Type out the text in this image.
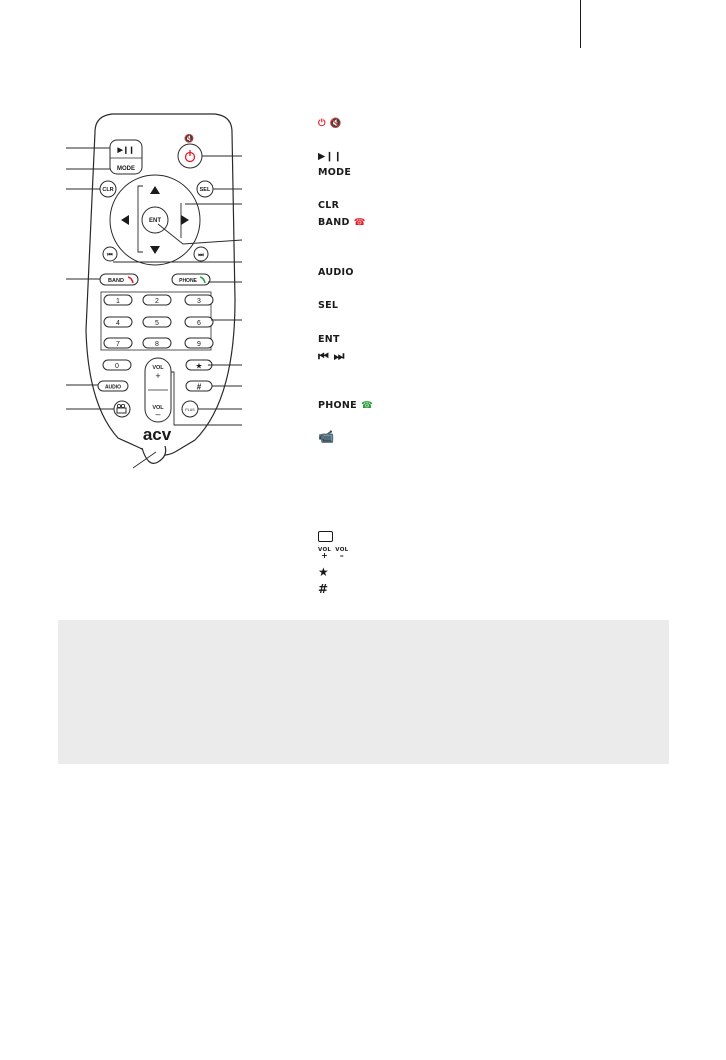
▶❙❙
MODE
🔇
CLR	SEL
ENT
⏮	⏭
BAND	PHONE
1	2	3
4	5	6
7	8	9
0	VOL
+
VOL
–
★
#
AUDIO
PLUS
acv
⏻ 🔇
▶❙❙
MODE
CLR
BAND ☎
AUDIO
SEL
ENT
⏮ ⏭
PHONE ☎
📹
VOL
+
VOL
–
★
#
